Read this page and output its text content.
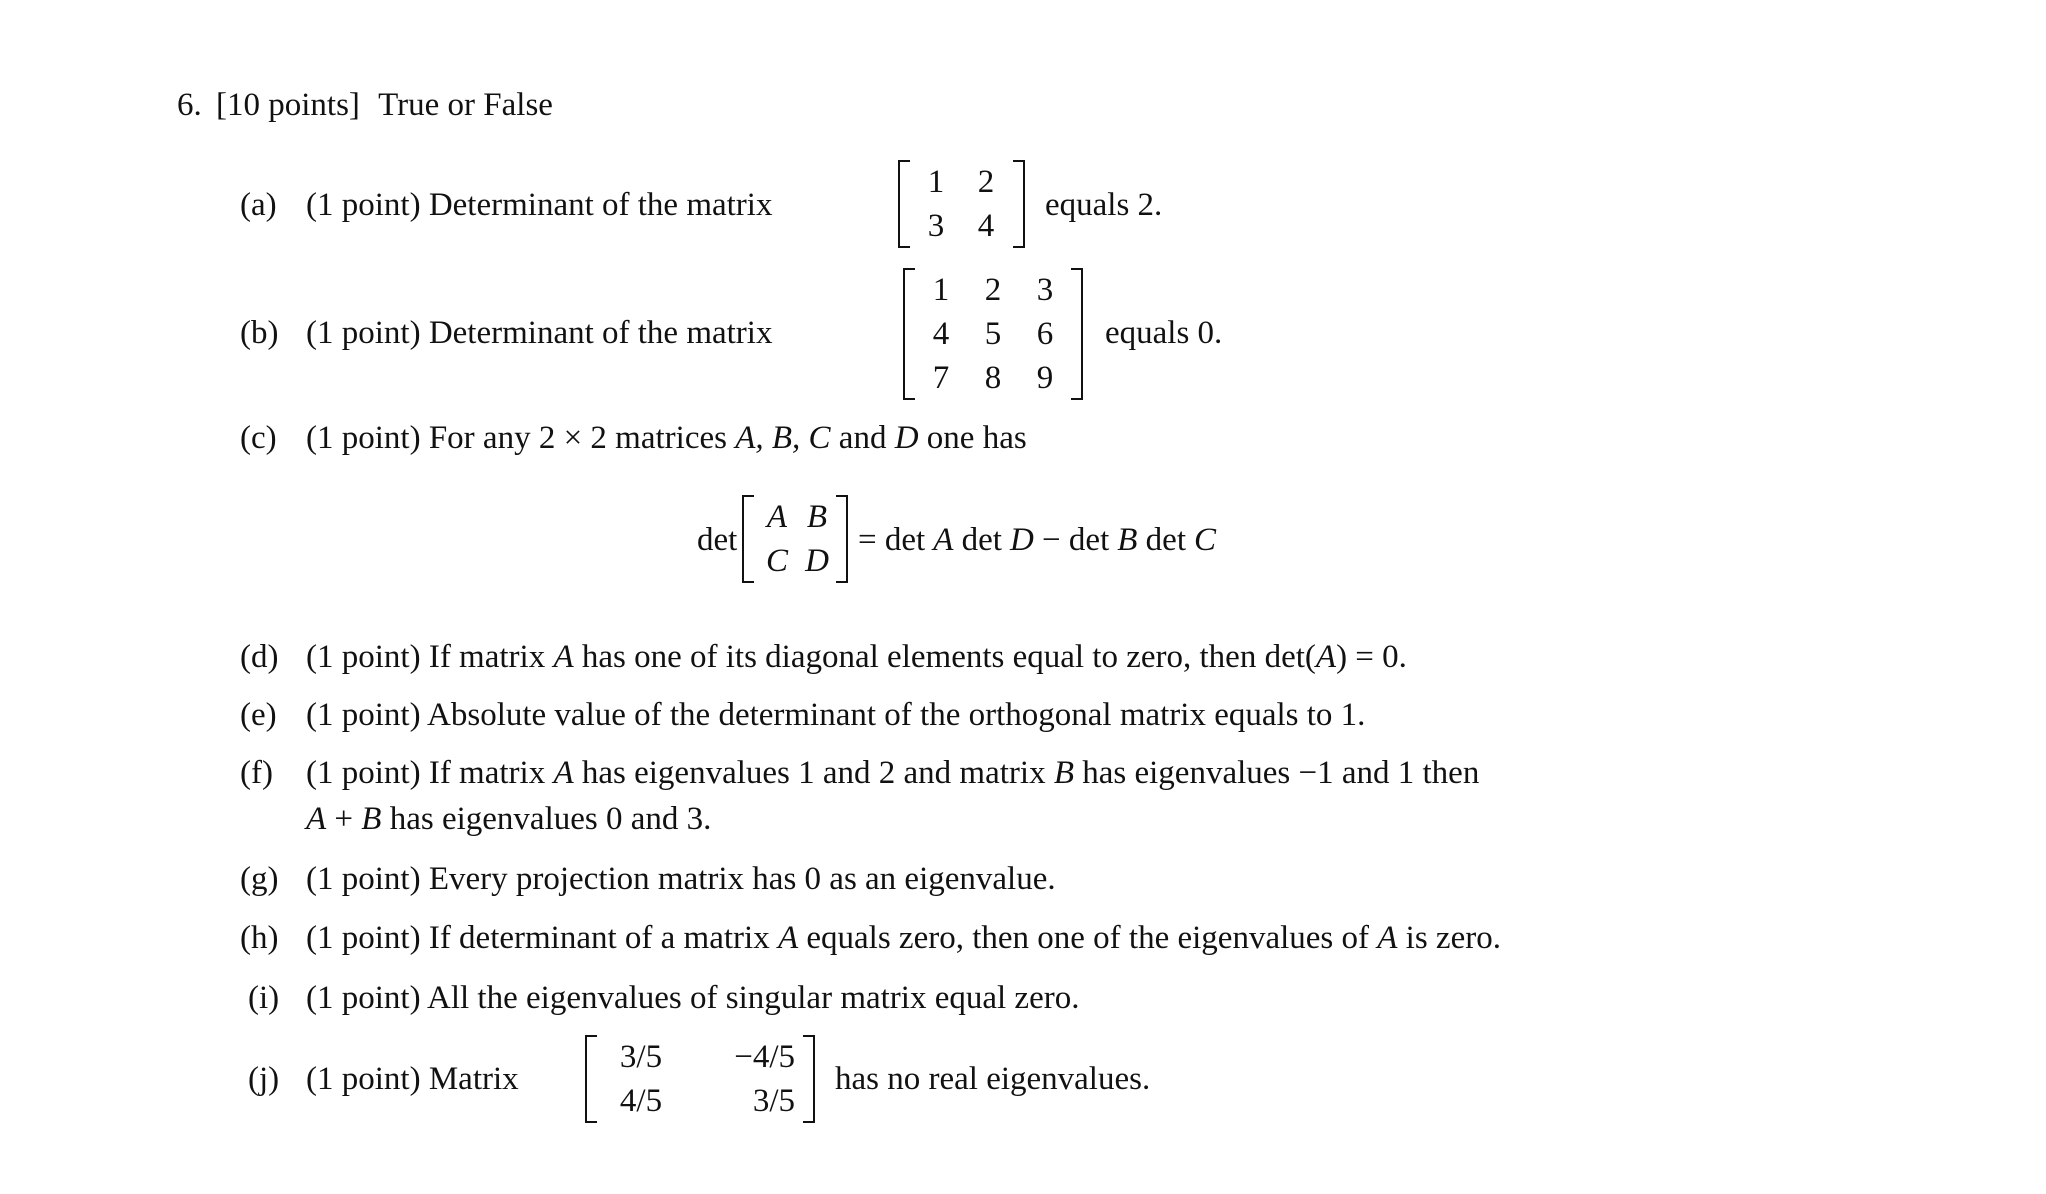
6. [10 points] True or False
(a) (1 point) Determinant of the matrix
1 2
3 4
equals 2.
(b) (1 point) Determinant of the matrix
1 2 3
4 5 6
7 8 9
equals 0.
(c) (1 point) For any 2 × 2 matrices A, B, C and D one has
det
A B
C D
= det A det D − det B det C
(d) (1 point) If matrix A has one of its diagonal elements equal to zero, then det(A) = 0.
(e) (1 point) Absolute value of the determinant of the orthogonal matrix equals to 1.
(f)	(1 point) If matrix A has eigenvalues 1 and 2 and matrix B has eigenvalues −1 and 1 then
A + B has eigenvalues 0 and 3.
(g) (1 point) Every projection matrix has 0 as an eigenvalue.
(h) (1 point) If determinant of a matrix A equals zero, then one of the eigenvalues of A is zero.
(i) (1 point) All the eigenvalues of singular matrix equal zero.
(j) (1 point) Matrix
3/5	−4/5
4/5	3/5
has no real eigenvalues.
